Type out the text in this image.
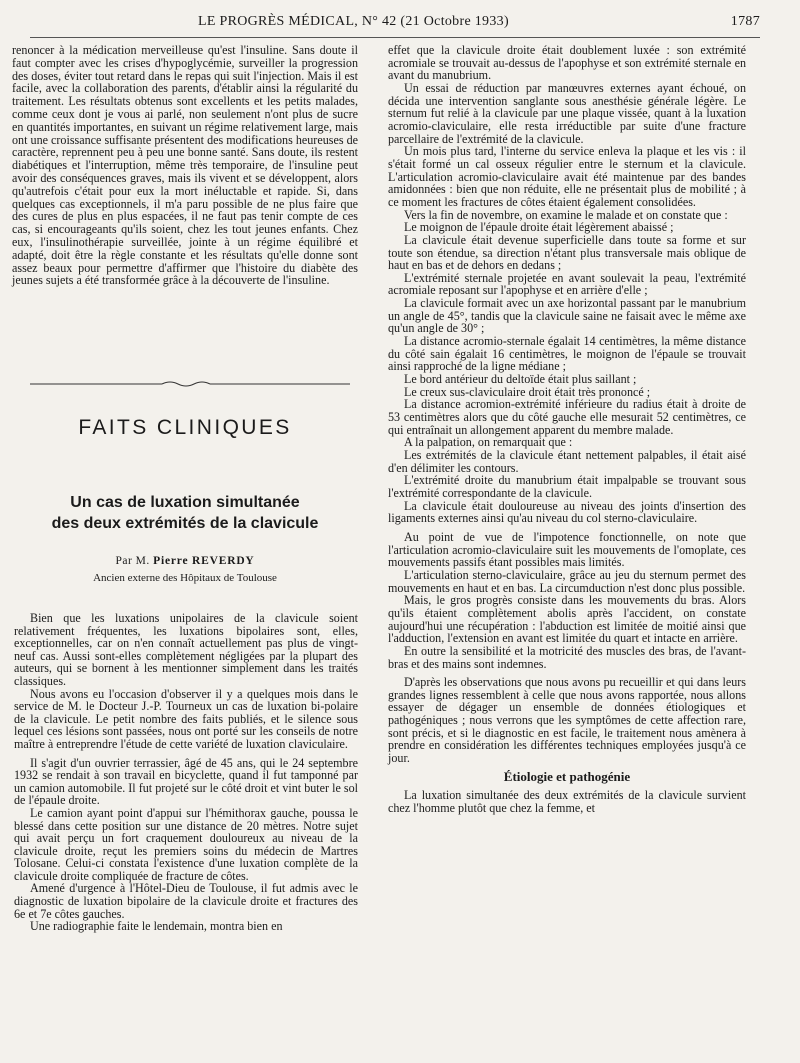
LE PROGRÈS MÉDICAL, N° 42 (21 Octobre 1933)	1787

renoncer à la médication merveilleuse qu'est l'insuline. Sans doute il faut compter avec les crises d'hypoglycémie, surveiller la progression des doses, éviter tout retard dans le repas qui suit l'injection. Mais il est facile, avec la collaboration des parents, d'établir ainsi la régularité du traitement. Les résultats obtenus sont excellents et les petits malades, comme ceux dont je vous ai parlé, non seulement n'ont plus de sucre en quantités importantes, en suivant un régime relativement large, mais ont une croissance suffisante présentent des modifications heureuses de caractère, reprennent peu à peu une bonne santé. Sans doute, ils restent diabétiques et l'interruption, même très temporaire, de l'insuline peut avoir des conséquences graves, mais ils vivent et se développent, alors qu'autrefois c'était pour eux la mort inéluctable et rapide. Si, dans quelques cas exceptionnels, il m'a paru possible de ne plus faire que des cures de plus en plus espacées, il ne faut pas tenir compte de ces cas, si encourageants qu'ils soient, chez les tout jeunes enfants. Chez eux, l'insulinothérapie surveillée, jointe à un régime équilibré et adapté, doit être la règle constante et les résultats qu'elle donne sont assez beaux pour permettre d'affirmer que l'histoire du diabète des jeunes sujets a été transformée grâce à la découverte de l'insuline.

FAITS CLINIQUES
Un cas de luxation simultanée
des deux extrémités de la clavicule
Par M. Pierre REVERDY
Ancien externe des Hôpitaux de Toulouse

Bien que les luxations unipolaires de la clavicule soient relativement fréquentes, les luxations bipolaires sont, elles, exceptionnelles, car on n'en connaît actuellement pas plus de vingt-neuf cas. Aussi sont-elles complètement négligées par la plupart des auteurs, qui se bornent à les mentionner simplement dans les traités classiques.

Nous avons eu l'occasion d'observer il y a quelques mois dans le service de M. le Docteur J.-P. Tourneux un cas de luxation bi-polaire de la clavicule. Le petit nombre des faits publiés, et le silence sous lequel ces lésions sont passées, nous ont porté sur les conseils de notre maître à entreprendre l'étude de cette variété de luxation claviculaire.

Il s'agit d'un ouvrier terrassier, âgé de 45 ans, qui le 24 septembre 1932 se rendait à son travail en bicyclette, quand il fut tamponné par un camion automobile. Il fut projeté sur le côté droit et vint buter le sol de l'épaule droite.

Le camion ayant point d'appui sur l'hémithorax gauche, poussa le blessé dans cette position sur une distance de 20 mètres. Notre sujet qui avait perçu un fort craquement douloureux au niveau de la clavicule droite, reçut les premiers soins du médecin de Martres Tolosane. Celui-ci constata l'existence d'une luxation complète de la clavicule droite compliquée de fracture de côtes.

Amené d'urgence à l'Hôtel-Dieu de Toulouse, il fut admis avec le diagnostic de luxation bipolaire de la clavicule droite et fractures des 6e et 7e côtes gauches.

Une radiographie faite le lendemain, montra bien en

effet que la clavicule droite était doublement luxée : son extrémité acromiale se trouvait au-dessus de l'apophyse et son extrémité sternale en avant du manubrium.

Un essai de réduction par manœuvres externes ayant échoué, on décida une intervention sanglante sous anesthésie générale légère. Le sternum fut relié à la clavicule par une plaque vissée, quant à la luxation acromio-claviculaire, elle resta irréductible par suite d'une fracture parcellaire de l'extrémité de la clavicule.

Un mois plus tard, l'interne du service enleva la plaque et les vis : il s'était formé un cal osseux régulier entre le sternum et la clavicule. L'articulation acromio-claviculaire avait été maintenue par des bandes amidonnées : bien que non réduite, elle ne présentait plus de mobilité ; à ce moment les fractures de côtes étaient également consolidées.

Vers la fin de novembre, on examine le malade et on constate que :

Le moignon de l'épaule droite était légèrement abaissé ;

La clavicule était devenue superficielle dans toute sa forme et sur toute son étendue, sa direction n'étant plus transversale mais oblique de haut en bas et de dehors en dedans ;

L'extrémité sternale projetée en avant soulevait la peau, l'extrémité acromiale reposant sur l'apophyse et en arrière d'elle ;

La clavicule formait avec un axe horizontal passant par le manubrium un angle de 45°, tandis que la clavicule saine ne faisait avec le même axe qu'un angle de 30° ;

La distance acromio-sternale égalait 14 centimètres, la même distance du côté sain égalait 16 centimètres, le moignon de l'épaule se trouvait ainsi rapproché de la ligne médiane ;

Le bord antérieur du deltoïde était plus saillant ;

Le creux sus-claviculaire droit était très prononcé ;

La distance acromion-extrémité inférieure du radius était à droite de 53 centimètres alors que du côté gauche elle mesurait 52 centimètres, ce qui entraînait un allongement apparent du membre malade.

A la palpation, on remarquait que :

Les extrémités de la clavicule étant nettement palpables, il était aisé d'en délimiter les contours.

L'extrémité droite du manubrium était impalpable se trouvant sous l'extrémité correspondante de la clavicule.

La clavicule était douloureuse au niveau des joints d'insertion des ligaments externes ainsi qu'au niveau du col sterno-claviculaire.

Au point de vue de l'impotence fonctionnelle, on note que l'articulation acromio-claviculaire suit les mouvements de l'omoplate, ces mouvements passifs étant possibles mais limités.

L'articulation sterno-claviculaire, grâce au jeu du sternum permet des mouvements en haut et en bas. La circumduction n'est donc plus possible.

Mais, le gros progrès consiste dans les mouvements du bras. Alors qu'ils étaient complètement abolis après l'accident, on constate aujourd'hui une récupération : l'abduction est limitée de moitié ainsi que l'adduction, l'extension en avant est limitée du quart et intacte en arrière.

En outre la sensibilité et la motricité des muscles des bras, de l'avant-bras et des mains sont indemnes.

D'après les observations que nous avons pu recueillir et qui dans leurs grandes lignes ressemblent à celle que nous avons rapportée, nous allons essayer de dégager un ensemble de données étiologiques et pathogéniques ; nous verrons que les symptômes de cette affection rare, sont précis, et si le diagnostic en est facile, le traitement nous amènera à prendre en considération les différentes techniques employées jusqu'à ce jour.

Étiologie et pathogénie

La luxation simultanée des deux extrémités de la clavicule survient chez l'homme plutôt que chez la femme, et
